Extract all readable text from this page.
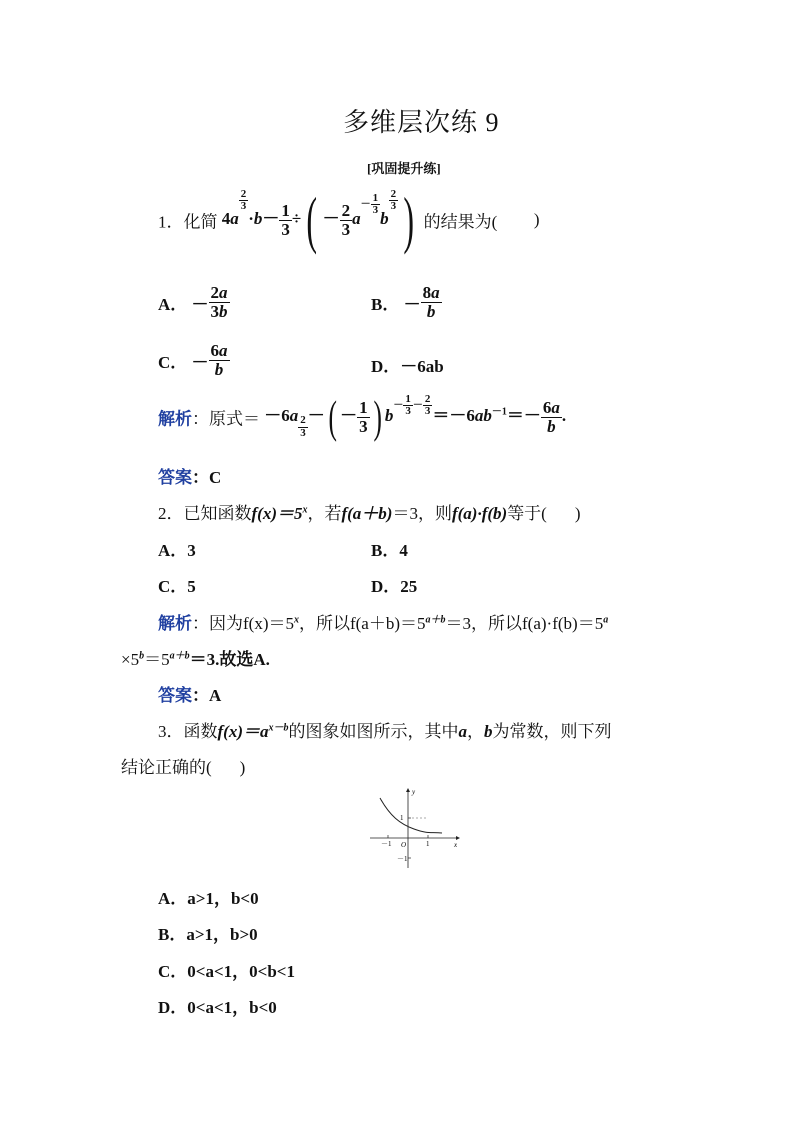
多维层次练 9
[巩固提升练]
1．化简 4a
$^{\frac{2}{3}}$
$\cdot b- \frac{1}{3}$ ÷( － $\frac{2}{3} a^{- \frac{1}{3}}$
b
$^{\frac{2}{3}}$ ) 的结果为( )
A． － $\frac{2a}{3b}$	B． － $\frac{8a}{b}$
C． － $\frac{6a}{b}$	D．－6ab
解析：原式＝ －6a $_{\frac{2}{3}}$ －( － $\frac{1}{3}$ ) $b^{- \frac{1}{3} - \frac{2}{3}} =-6ab^{-1}=- \frac{6a}{b}$ .
答案：C
2．已知函数$f(x)=5^x$，若f(a＋b)＝3，则f(a)·f(b)等于( )
A．3	B．4
C．5	D．25
解析：因为$f(x)=5^x$，所以$f(a+b)=5^{a+b}=3$，所以$f(a)\cdot f(b)=5^a$
$\times 5^b=5^{a+b}=3$.故选A.
答案：A
3．函数$f(x)=a^{x-b}$的图象如图所示，其中a，b为常数，则下列
结论正确的( )
y
x
1
－1
－1	1
O
A．a>1，b<0
B．a>1，b>0
C．0<a<1，0<b<1
D．0<a<1，b<0
